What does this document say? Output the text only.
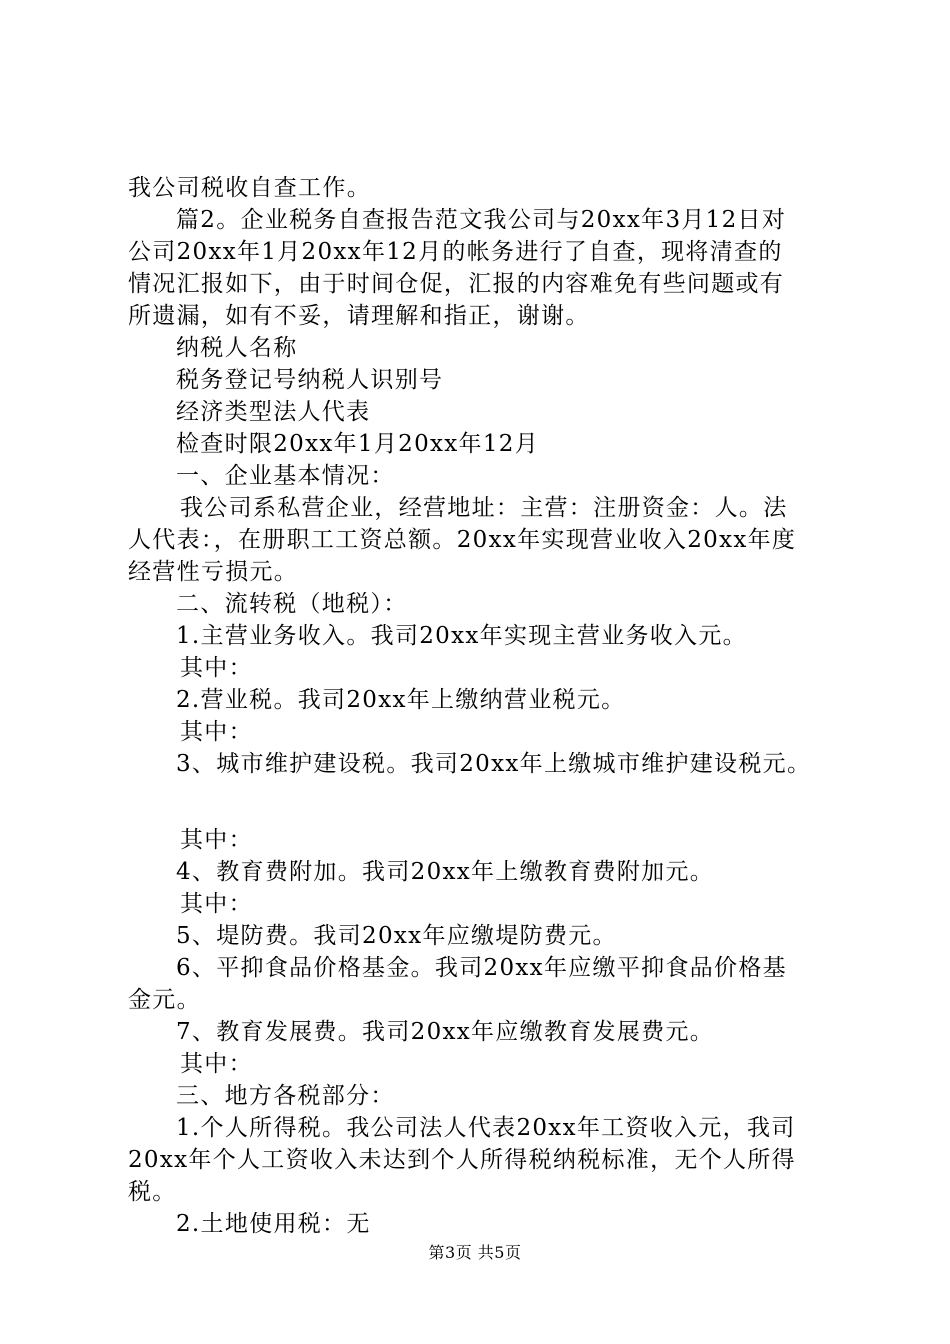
我公司税收自查工作。
篇2。企业税务自查报告范文我公司与20xx年3月12日对
公司20xx年1月20xx年12月的帐务进行了自查，现将清查的
情况汇报如下，由于时间仓促，汇报的内容难免有些问题或有
所遗漏，如有不妥，请理解和指正，谢谢。
纳税人名称
税务登记号纳税人识别号
经济类型法人代表
检查时限20xx年1月20xx年12月
一、企业基本情况：
我公司系私营企业，经营地址：主营：注册资金：人。法
人代表：，在册职工工资总额。20xx年实现营业收入20xx年度
经营性亏损元。
二、流转税（地税）：
1.主营业务收入。我司20xx年实现主营业务收入元。
其中：
2.营业税。我司20xx年上缴纳营业税元。
其中：
3、城市维护建设税。我司20xx年上缴城市维护建设税元。
其中：
4、教育费附加。我司20xx年上缴教育费附加元。
其中：
5、堤防费。我司20xx年应缴堤防费元。
6、平抑食品价格基金。我司20xx年应缴平抑食品价格基
金元。
7、教育发展费。我司20xx年应缴教育发展费元。
其中：
三、地方各税部分：
1.个人所得税。我公司法人代表20xx年工资收入元，我司
20xx年个人工资收入未达到个人所得税纳税标准，无个人所得
税。
2.土地使用税：无
第3页 共5页
